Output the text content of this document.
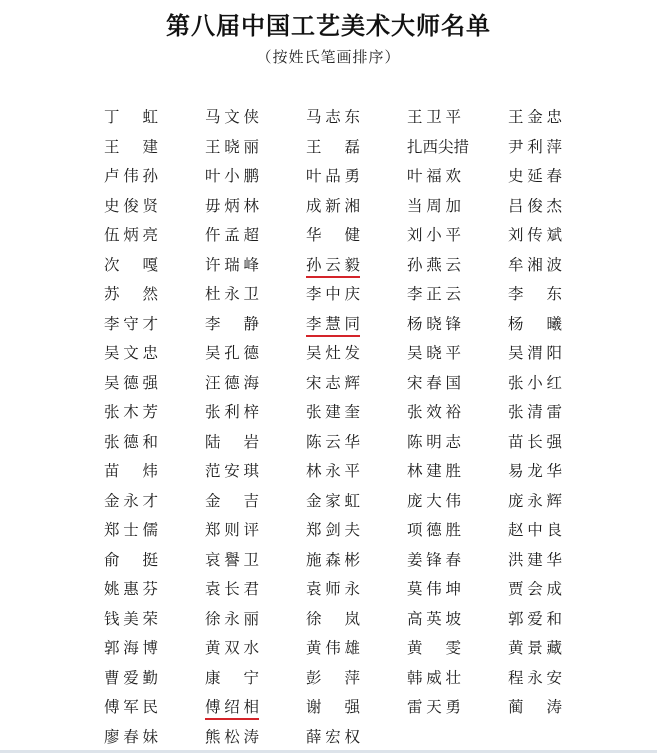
第八届中国工艺美术大师名单
（按姓氏笔画排序）
丁 虹	马 文 侠	马 志 东	王 卫 平	王 金 忠
王 建	王 晓 丽	王 磊	扎 西 尖 措	尹 利 萍
卢 伟 孙	叶 小 鹏	叶 品 勇	叶 福 欢	史 延 春
史 俊 贤	毋 炳 林	成 新 湘	当 周 加	吕 俊 杰
伍 炳 亮	仵 孟 超	华 健	刘 小 平	刘 传 斌
次 嘎	许 瑞 峰	孙 云 毅	孙 燕 云	牟 湘 波
苏 然	杜 永 卫	李 中 庆	李 正 云	李 东
李 守 才	李 静	李 慧 同	杨 晓 锋	杨 曦
吴 文 忠	吴 孔 德	吴 灶 发	吴 晓 平	吴 渭 阳
吴 德 强	汪 德 海	宋 志 辉	宋 春 国	张 小 红
张 木 芳	张 利 梓	张 建 奎	张 效 裕	张 清 雷
张 德 和	陆 岩	陈 云 华	陈 明 志	苗 长 强
苗 炜	范 安 琪	林 永 平	林 建 胜	易 龙 华
金 永 才	金 吉	金 家 虹	庞 大 伟	庞 永 辉
郑 士 儒	郑 则 评	郑 剑 夫	项 德 胜	赵 中 良
俞 挺	哀 譽 卫	施 森 彬	姜 锋 春	洪 建 华
姚 惠 芬	袁 长 君	袁 师 永	莫 伟 坤	贾 会 成
钱 美 荣	徐 永 丽	徐 岚	高 英 坡	郭 爱 和
郭 海 博	黄 双 水	黄 伟 雄	黄 雯	黄 景 藏
曹 爱 勤	康 宁	彭 萍	韩 威 壮	程 永 安
傅 军 民	傅 绍 相	谢 强	雷 天 勇	蔺 涛
廖 春 妹	熊 松 涛	薛 宏 权
